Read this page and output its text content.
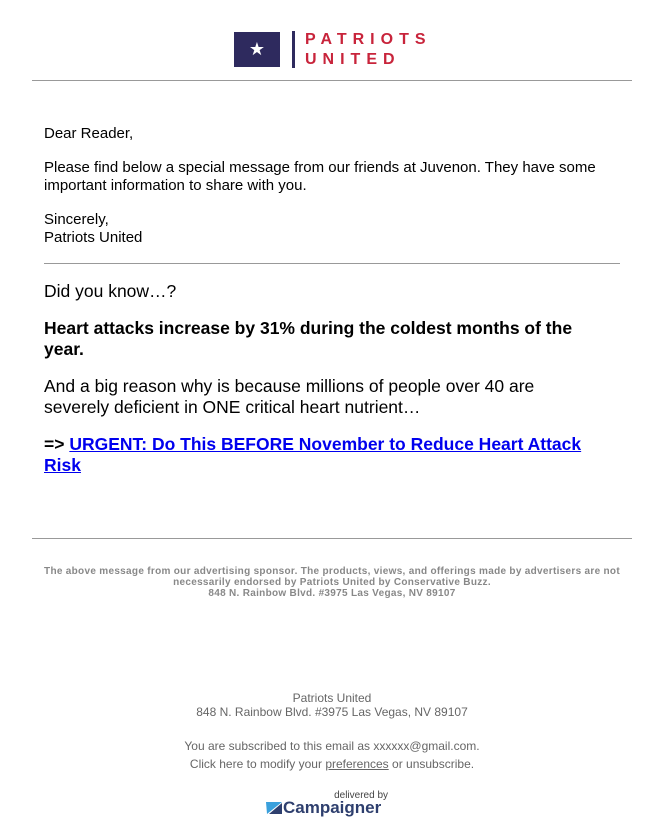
★	PATRIOTS
UNITED
Dear Reader,
Please find below a special message from our friends at Juvenon. They have some important information to share with you.
Sincerely,
Patriots United
Did you know…?
Heart attacks increase by 31% during the coldest months of the year.
And a big reason why is because millions of people over 40 are severely deficient in ONE critical heart nutrient…
=> URGENT: Do This BEFORE November to Reduce Heart Attack Risk
The above message from our advertising sponsor. The products, views, and offerings made by advertisers are not necessarily endorsed by Patriots United by Conservative Buzz.
848 N. Rainbow Blvd. #3975 Las Vegas, NV 89107
Patriots United
848 N. Rainbow Blvd. #3975 Las Vegas, NV 89107
You are subscribed to this email as xxxxxx@gmail.com.
Click here to modify your preferences or unsubscribe.
delivered by
Campaigner
